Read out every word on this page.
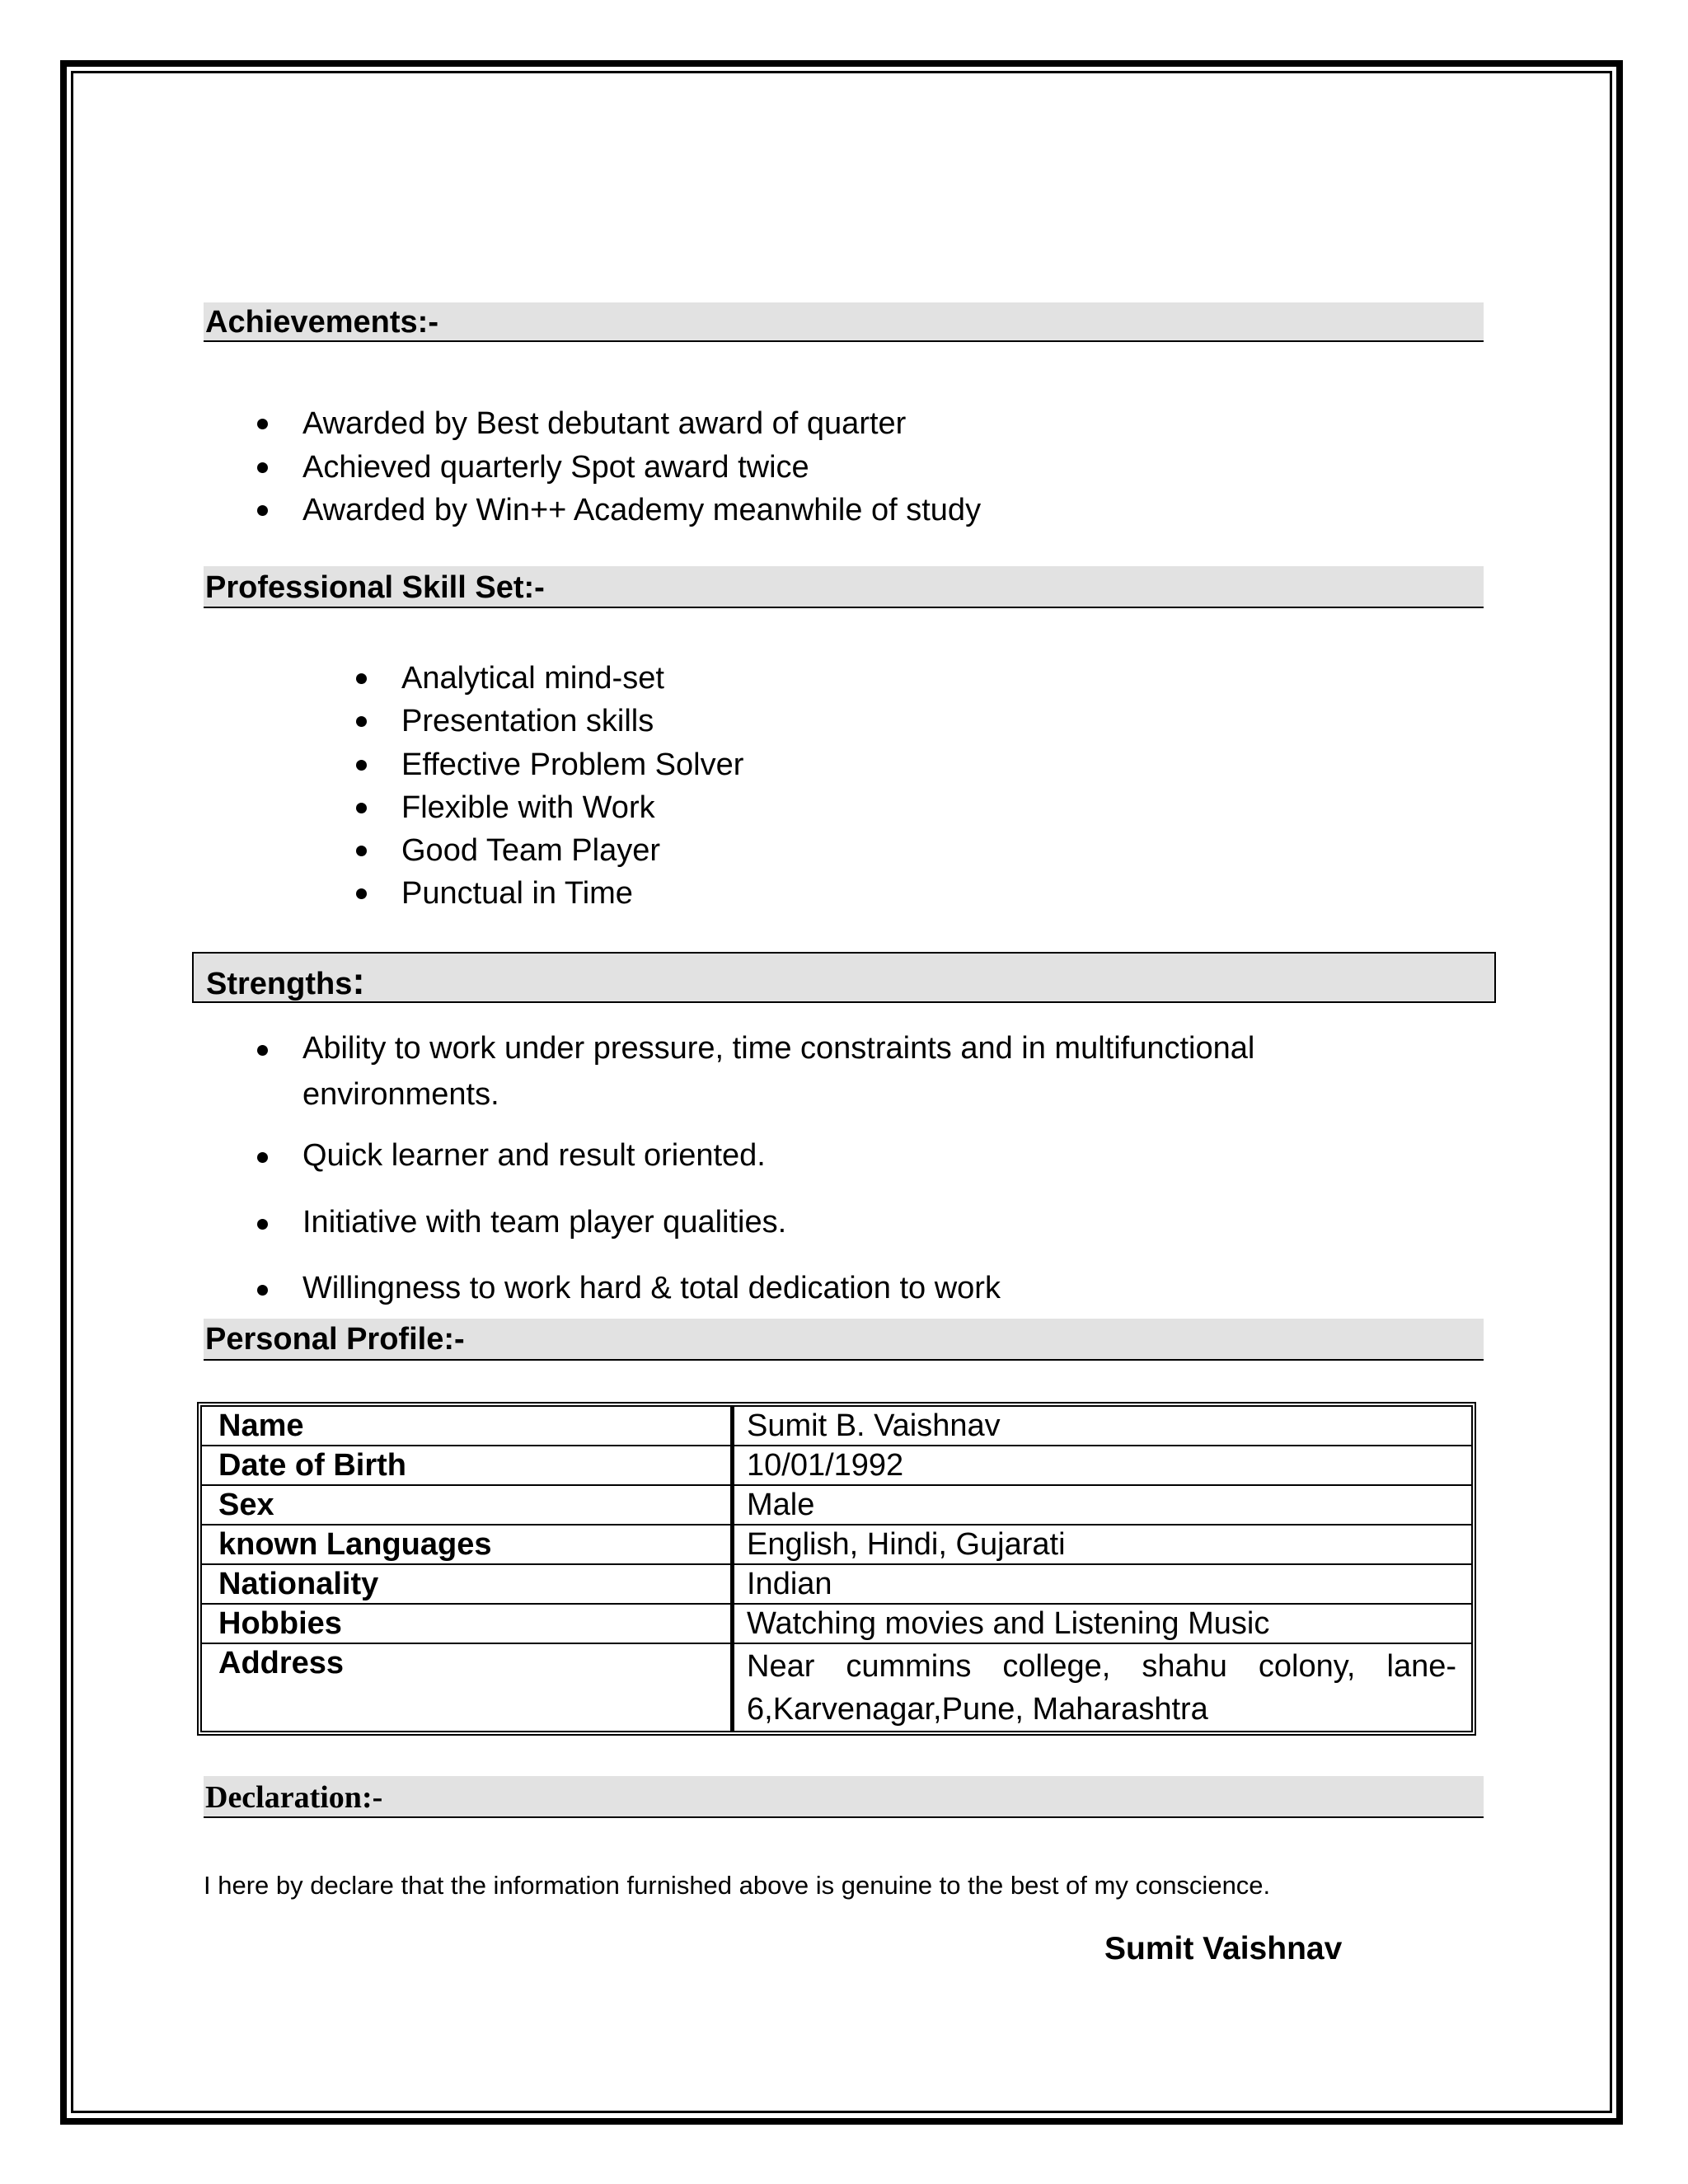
Achievements:-
Awarded by Best debutant award of quarter
Achieved quarterly Spot award twice
Awarded by Win++ Academy meanwhile of study
Professional Skill Set:-
Analytical mind-set
Presentation skills
Effective Problem Solver
Flexible with Work
Good Team Player
Punctual in Time
Strengths:
Ability to work under pressure, time constraints and in multifunctional environments.
Quick learner and result oriented.
Initiative with team player qualities.
Willingness to work hard & total dedication to work
Personal Profile:-
Name	Sumit B. Vaishnav
Date of Birth	10/01/1992
Sex	Male
known Languages	English, Hindi, Gujarati
Nationality	Indian
Hobbies	Watching movies and Listening Music
Address	Near cummins college, shahu colony, lane-6,Karvenagar,Pune, Maharashtra
Declaration:-
I here by declare that the information furnished above is genuine to the best of my conscience.
Sumit Vaishnav
